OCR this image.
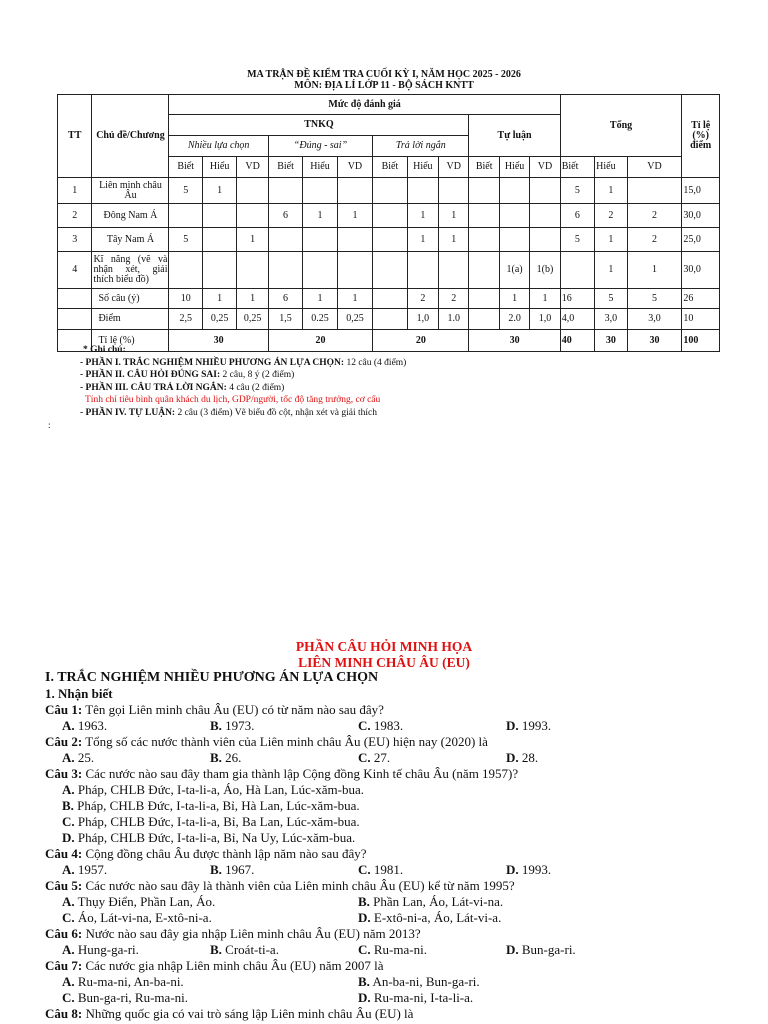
MA TRẬN ĐỀ KIỂM TRA CUỐI KỲ I, NĂM HỌC 2025 - 2026
MÔN: ĐỊA LÍ LỚP 11 - BỘ SÁCH KNTT
TT	Chủ đề/Chương	Mức độ đánh giá												Tổng			Tỉ lệ (%) điểm
		TNKQ									Tự luận						
		Nhiều lựa chọn			“Đúng - sai”			Trả lời ngắn									
		Biết	Hiểu	VD	Biết	Hiểu	VD	Biết	Hiểu	VD	Biết	Hiểu	VD	Biết	Hiểu	VD	
1	Liên minh châu Âu	5	1											5	1		15,0
2	Đông Nam Á				6	1	1		1	1				6	2	2	30,0
3	Tây Nam Á	5		1					1	1				5	1	2	25,0
4	Kĩ năng (vẽ và nhận xét, giải thích biểu đồ)											1(a)	1(b)		1	1	30,0
	Số câu (ý)	10	1	1	6	1	1		2	2		1	1	16	5	5	26
	Điểm	2,5	0,25	0,25	1,5	0.25	0,25		1,0	1.0		2.0	1,0	4,0	3,0	3,0	10
	Tỉ lệ (%)	30			20			20			30			40	30	30	100
* Ghi chú:
- PHẦN I. TRẮC NGHIỆM NHIỀU PHƯƠNG ÁN LỰA CHỌN: 12 câu (4 điểm)
- PHẦN II. CÂU HỎI ĐÚNG SAI: 2 câu, 8 ý (2 điểm)
- PHẦN III. CÂU TRẢ LỜI NGẮN: 4 câu (2 điểm)
Tính chỉ tiêu bình quân khách du lịch, GDP/người, tốc độ tăng trưởng, cơ cấu
- PHẦN IV. TỰ LUẬN: 2 câu (3 điểm) Vẽ biểu đồ cột, nhận xét và giải thích
:
PHẦN CÂU HỎI MINH HỌA
LIÊN MINH CHÂU ÂU (EU)
I. TRẮC NGHIỆM NHIỀU PHƯƠNG ÁN LỰA CHỌN
1. Nhận biết
Câu 1: Tên gọi Liên minh châu Âu (EU) có từ năm nào sau đây?
A. 1963.	B. 1973.	C. 1983.	D. 1993.
Câu 2: Tổng số các nước thành viên của Liên minh châu Âu (EU) hiện nay (2020) là
A. 25.	B. 26.	C. 27.	D. 28.
Câu 3: Các nước nào sau đây tham gia thành lập Cộng đồng Kinh tế châu Âu (năm 1957)?
A. Pháp, CHLB Đức, I-ta-li-a, Áo, Hà Lan, Lúc-xăm-bua.
B. Pháp, CHLB Đức, I-ta-li-a, Bỉ, Hà Lan, Lúc-xăm-bua.
C. Pháp, CHLB Đức, I-ta-li-a, Bỉ, Ba Lan, Lúc-xăm-bua.
D. Pháp, CHLB Đức, I-ta-li-a, Bỉ, Na Uy, Lúc-xăm-bua.
Câu 4: Cộng đồng châu Âu được thành lập năm nào sau đây?
A. 1957.	B. 1967.	C. 1981.	D. 1993.
Câu 5: Các nước nào sau đây là thành viên của Liên minh châu Âu (EU) kể từ năm 1995?
A. Thụy Điển, Phần Lan, Áo.	B. Phần Lan, Áo, Lát-vi-na.
C. Áo, Lát-vi-na, E-xtô-ni-a.	D. E-xtô-ni-a, Áo, Lát-vi-a.
Câu 6: Nước nào sau đây gia nhập Liên minh châu Âu (EU) năm 2013?
A. Hung-ga-ri.	B. Croát-ti-a.	C. Ru-ma-ni.	D. Bun-ga-ri.
Câu 7: Các nước gia nhập Liên minh châu Âu (EU) năm 2007 là
A. Ru-ma-ni, An-ba-ni.	B. An-ba-ni, Bun-ga-ri.
C. Bun-ga-ri, Ru-ma-ni.	D. Ru-ma-ni, I-ta-li-a.
Câu 8: Những quốc gia có vai trò sáng lập Liên minh châu Âu (EU) là
